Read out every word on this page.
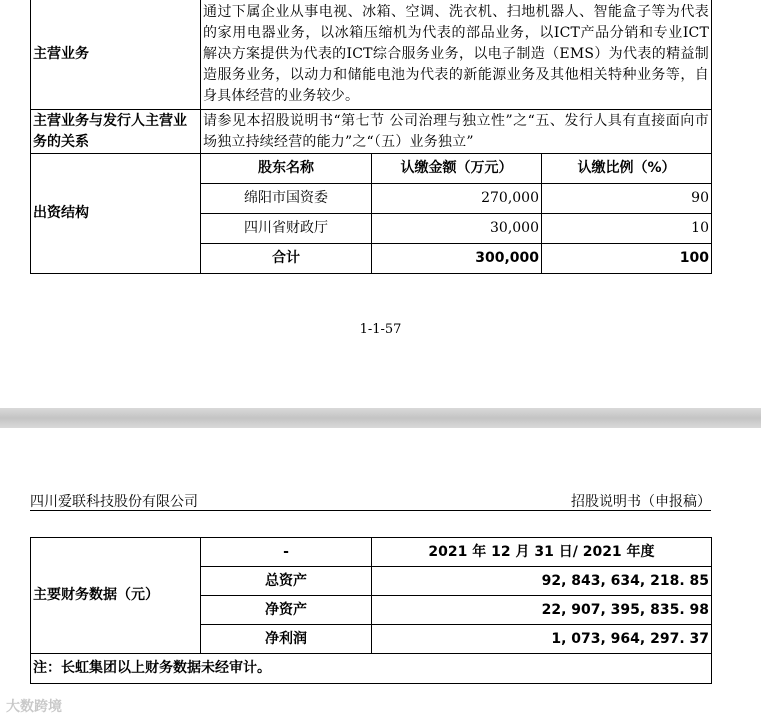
主营业务	通过下属企业从事电视、冰箱、空调、洗衣机、扫地机器人、智能盒子等为代表的家用电器业务，以冰箱压缩机为代表的部品业务，以ICT产品分销和专业ICT解决方案提供为代表的ICT综合服务业务，以电子制造（EMS）为代表的精益制造服务业务，以动力和储能电池为代表的新能源业务及其他相关特种业务等，自身具体经营的业务较少。
主营业务与发行人主营业务的关系	请参见本招股说明书“第七节 公司治理与独立性”之“五、发行人具有直接面向市场独立持续经营的能力”之“（五）业务独立”		
出资结构	股东名称	认缴金额（万元）	认缴比例（%）
	绵阳市国资委	270,000	90
	四川省财政厅	30,000	10
	合计	300,000	100
1-1-57
四川爱联科技股份有限公司	招股说明书（申报稿）
主要财务数据（元）	-	2021 年 12 月 31 日/ 2021 年度
	总资产	92, 843, 634, 218. 85
	净资产	22, 907, 395, 835. 98
	净利润	1, 073, 964, 297. 37
注：长虹集团以上财务数据未经审计。		
大数跨境
